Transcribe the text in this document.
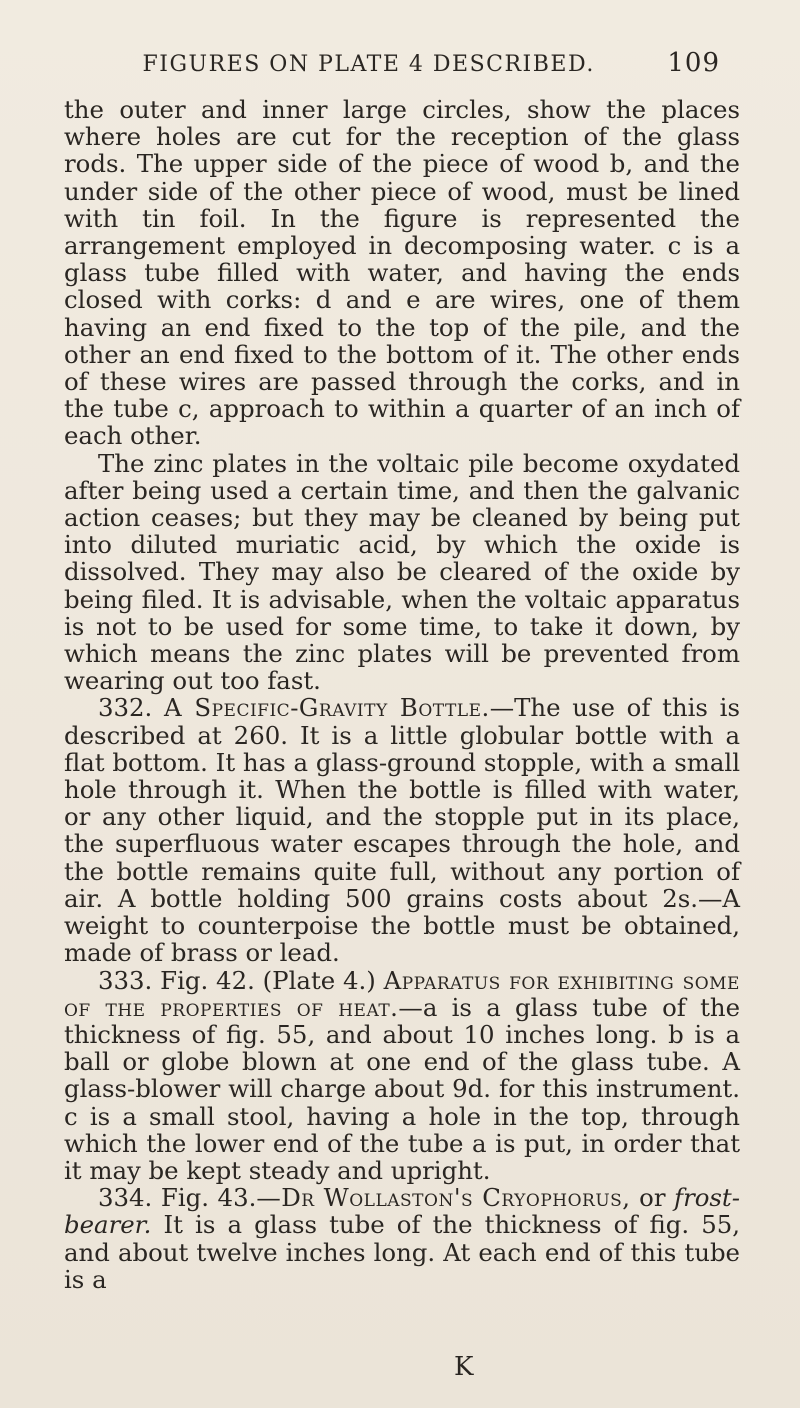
FIGURES ON PLATE 4 DESCRIBED.	109

the outer and inner large circles, show the places where holes are cut for the reception of the glass rods. The upper side of the piece of wood b, and the under side of the other piece of wood, must be lined with tin foil. In the figure is represented the arrangement employed in decomposing water. c is a glass tube filled with water, and having the ends closed with corks: d and e are wires, one of them having an end fixed to the top of the pile, and the other an end fixed to the bottom of it. The other ends of these wires are passed through the corks, and in the tube c, approach to within a quarter of an inch of each other.

The zinc plates in the voltaic pile become oxydated after being used a certain time, and then the galvanic action ceases; but they may be cleaned by being put into diluted muriatic acid, by which the oxide is dissolved. They may also be cleared of the oxide by being filed. It is advisable, when the voltaic apparatus is not to be used for some time, to take it down, by which means the zinc plates will be prevented from wearing out too fast.

332. A Specific-Gravity Bottle.—The use of this is described at 260. It is a little globular bottle with a flat bottom. It has a glass-ground stopple, with a small hole through it. When the bottle is filled with water, or any other liquid, and the stopple put in its place, the superfluous water escapes through the hole, and the bottle remains quite full, without any portion of air. A bottle holding 500 grains costs about 2s.—A weight to counterpoise the bottle must be obtained, made of brass or lead.

333. Fig. 42. (Plate 4.) Apparatus for exhibiting some of the properties of heat.—a is a glass tube of the thickness of fig. 55, and about 10 inches long. b is a ball or globe blown at one end of the glass tube. A glass-blower will charge about 9d. for this instrument. c is a small stool, having a hole in the top, through which the lower end of the tube a is put, in order that it may be kept steady and upright.

334. Fig. 43.—Dr Wollaston's Cryophorus, or frost-bearer. It is a glass tube of the thickness of fig. 55, and about twelve inches long. At each end of this tube is a

K
